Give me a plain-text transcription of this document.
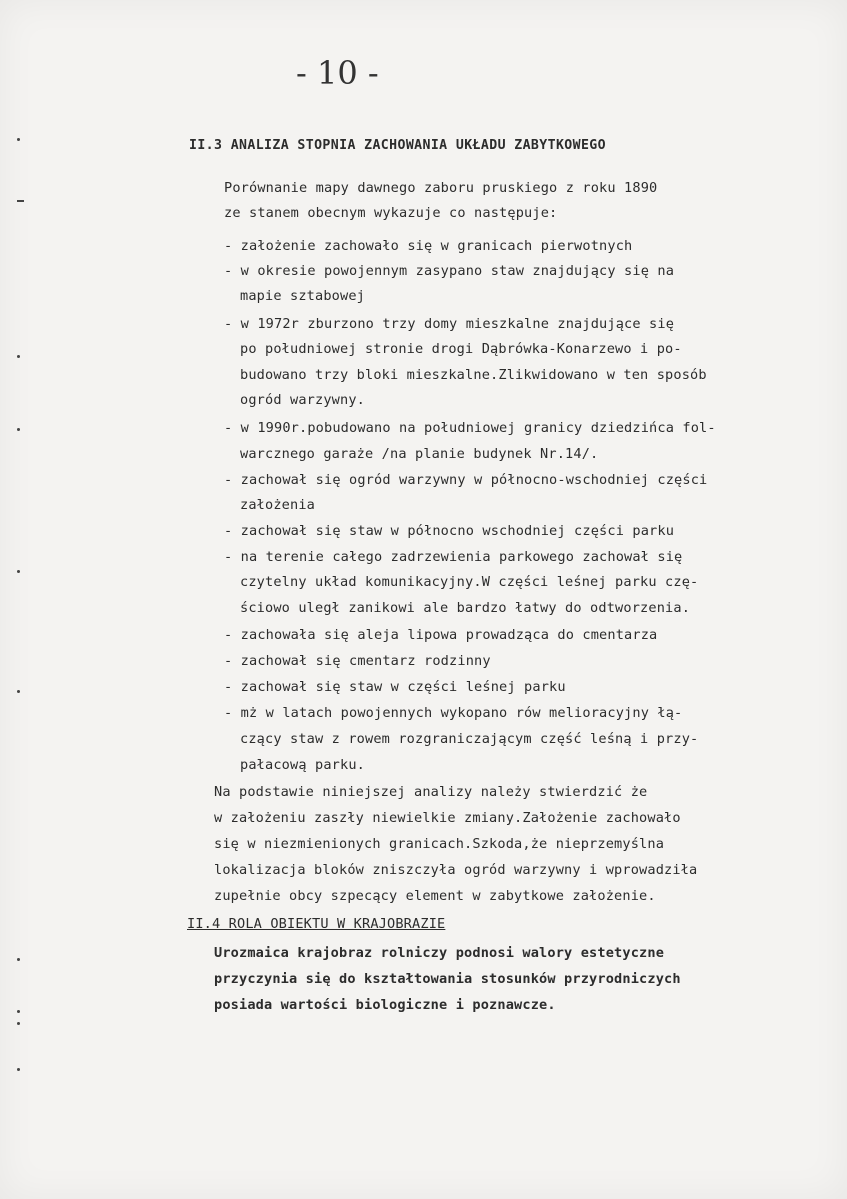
- 10 -
II.3 ANALIZA STOPNIA ZACHOWANIA UKŁADU ZABYTKOWEGO
Porównanie mapy dawnego zaboru pruskiego z roku 1890
ze stanem obecnym wykazuje co następuje:
- założenie zachowało się w granicach pierwotnych
- w okresie powojennym zasypano staw znajdujący się na
mapie sztabowej
- w 1972r zburzono trzy domy mieszkalne znajdujące się
po południowej stronie drogi Dąbrówka-Konarzewo i po-
budowano trzy bloki mieszkalne.Zlikwidowano w ten sposób
ogród warzywny.
- w 1990r.pobudowano na południowej granicy dziedzińca fol-
warcznego garaże /na planie budynek Nr.14/.
- zachował się ogród warzywny w północno-wschodniej części
założenia
- zachował się staw w północno wschodniej części parku
- na terenie całego zadrzewienia parkowego zachował się
czytelny układ komunikacyjny.W części leśnej parku czę-
ściowo uległ zanikowi ale bardzo łatwy do odtworzenia.
- zachowała się aleja lipowa prowadząca do cmentarza
- zachował się cmentarz rodzinny
- zachował się staw w części leśnej parku
- mż w latach powojennych wykopano rów melioracyjny łą-
czący staw z rowem rozgraniczającym część leśną i przy-
pałacową parku.
Na podstawie niniejszej analizy należy stwierdzić że
w założeniu zaszły niewielkie zmiany.Założenie zachowało
się w niezmienionych granicach.Szkoda,że nieprzemyślna
lokalizacja bloków zniszczyła ogród warzywny i wprowadziła
zupełnie obcy szpecący element w zabytkowe założenie.
II.4 ROLA OBIEKTU W KRAJOBRAZIE
Urozmaica krajobraz rolniczy podnosi walory estetyczne
przyczynia się do kształtowania stosunków przyrodniczych
posiada wartości biologiczne i poznawcze.
